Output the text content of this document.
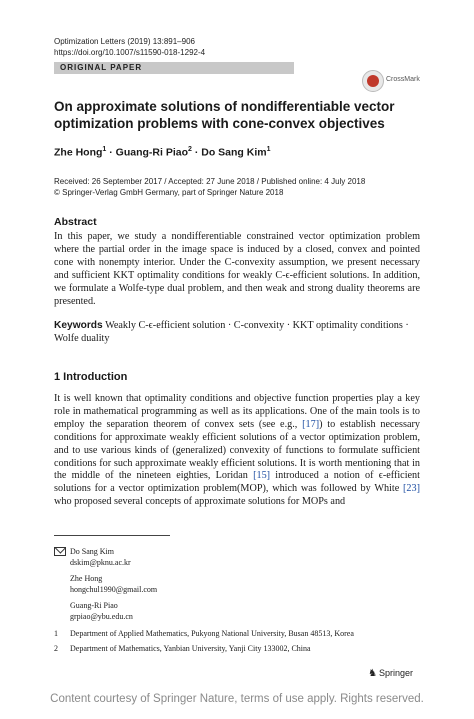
Optimization Letters (2019) 13:891–906
https://doi.org/10.1007/s11590-018-1292-4
ORIGINAL PAPER
CrossMark
On approximate solutions of nondifferentiable vector optimization problems with cone-convex objectives
Zhe Hong$^1$ · Guang-Ri Piao$^2$ · Do Sang Kim$^1$
Received: 26 September 2017 / Accepted: 27 June 2018 / Published online: 4 July 2018
© Springer-Verlag GmbH Germany, part of Springer Nature 2018
Abstract
In this paper, we study a nondifferentiable constrained vector optimization problem where the partial order in the image space is induced by a closed, convex and pointed cone with nonempty interior. Under the C-convexity assumption, we present necessary and sufficient KKT optimality conditions for weakly C-ϵ-efficient solutions. In addition, we formulate a Wolfe-type dual problem, and then weak and strong duality theorems are presented.
Keywords Weakly C-ϵ-efficient solution · C-convexity · KKT optimality conditions · Wolfe duality
1 Introduction
It is well known that optimality conditions and objective function properties play a key role in mathematical programming as well as its applications. One of the main tools is to employ the separation theorem of convex sets (see e.g., [17]) to establish necessary conditions for approximate weakly efficient solutions of a vector optimization problem, and to use various kinds of (generalized) convexity of functions to formulate sufficient conditions for such approximate weakly efficient solutions. It is worth mentioning that in the middle of the nineteen eighties, Loridan [15] introduced a notion of ϵ-efficient solutions for a vector optimization problem(MOP), which was followed by White [23] who proposed several concepts of approximate solutions for MOPs and
Do Sang Kim
dskim@pknu.ac.kr
Zhe Hong
hongchul1990@gmail.com
Guang-Ri Piao
grpiao@ybu.edu.cn
1 Department of Applied Mathematics, Pukyong National University, Busan 48513, Korea
2 Department of Mathematics, Yanbian University, Yanji City 133002, China
♞ Springer
Content courtesy of Springer Nature, terms of use apply. Rights reserved.
